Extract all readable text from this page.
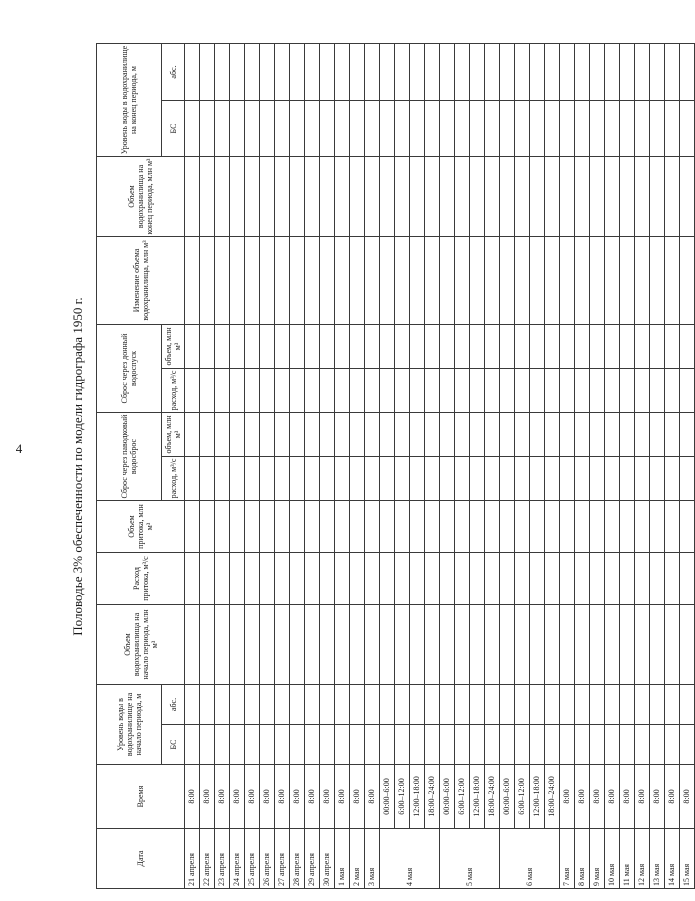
4	Половодье 3% обеспеченности по модели гидрографа 1950 г.
Дата	Время	Уровень воды в водохранилище на начало периода, м		Объем водохранилища на начало периода, млн м³	Расход притока, м³/с	Объем притока, млн м³	Сброс через паводковый водосброс		Сброс через донный водоспуск		Изменение объема водохранилища, млн м³	Объем водохранилища на конец периода, млн м³	Уровень воды в водохранилище на конец периода, м	
		БС	абс.				расход, м³/с	объем, млн м³	расход, м³/с	объем, млн м³			БС	абс.
21 апреля	8:00													
22 апреля	8:00													
23 апреля	8:00													
24 апреля	8:00													
25 апреля	8:00													
26 апреля	8:00													
27 апреля	8:00													
28 апреля	8:00													
29 апреля	8:00													
30 апреля	8:00													
1 мая	8:00													
2 мая	8:00													
3 мая	8:00													
4 мая	00:00–6:00													
	6:00–12:00													
	12:00–18:00													
	18:00–24:00													
5 мая	00:00–6:00													
	6:00–12:00													
	12:00–18:00													
	18:00–24:00													
6 мая	00:00–6:00													
	6:00–12:00													
	12:00–18:00													
	18:00–24:00													
7 мая	8:00													
8 мая	8:00													
9 мая	8:00													
10 мая	8:00													
11 мая	8:00													
12 мая	8:00													
13 мая	8:00													
14 мая	8:00													
15 мая	8:00													
